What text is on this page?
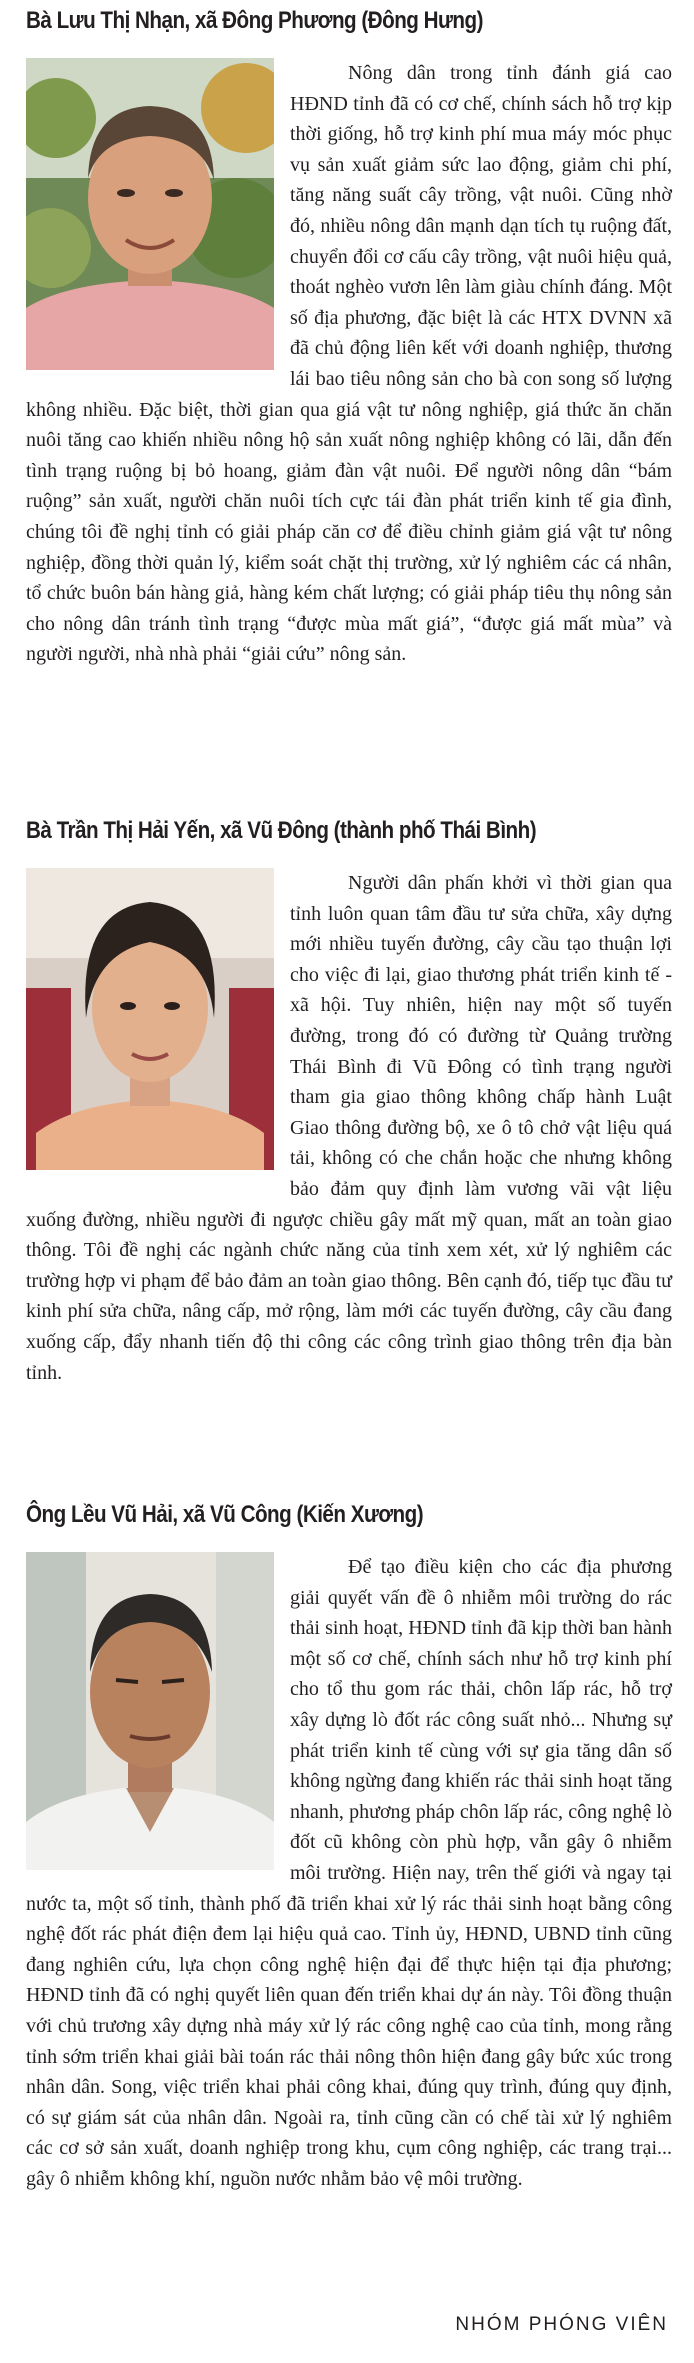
Bà Lưu Thị Nhạn, xã Đông Phương (Đông Hưng)

Nông dân trong tỉnh đánh giá cao HĐND tỉnh đã có cơ chế, chính sách hỗ trợ kịp thời giống, hỗ trợ kinh phí mua máy móc phục vụ sản xuất giảm sức lao động, giảm chi phí, tăng năng suất cây trồng, vật nuôi. Cũng nhờ đó, nhiều nông dân mạnh dạn tích tụ ruộng đất, chuyển đổi cơ cấu cây trồng, vật nuôi hiệu quả, thoát nghèo vươn lên làm giàu chính đáng. Một số địa phương, đặc biệt là các HTX DVNN xã đã chủ động liên kết với doanh nghiệp, thương lái bao tiêu nông sản cho bà con song số lượng không nhiều. Đặc biệt, thời gian qua giá vật tư nông nghiệp, giá thức ăn chăn nuôi tăng cao khiến nhiều nông hộ sản xuất nông nghiệp không có lãi, dẫn đến tình trạng ruộng bị bỏ hoang, giảm đàn vật nuôi. Để người nông dân “bám ruộng” sản xuất, người chăn nuôi tích cực tái đàn phát triển kinh tế gia đình, chúng tôi đề nghị tỉnh có giải pháp căn cơ để điều chỉnh giảm giá vật tư nông nghiệp, đồng thời quản lý, kiểm soát chặt thị trường, xử lý nghiêm các cá nhân, tổ chức buôn bán hàng giả, hàng kém chất lượng; có giải pháp tiêu thụ nông sản cho nông dân tránh tình trạng “được mùa mất giá”, “được giá mất mùa” và người người, nhà nhà phải “giải cứu” nông sản.

Bà Trần Thị Hải Yến, xã Vũ Đông (thành phố Thái Bình)

Người dân phấn khởi vì thời gian qua tỉnh luôn quan tâm đầu tư sửa chữa, xây dựng mới nhiều tuyến đường, cây cầu tạo thuận lợi cho việc đi lại, giao thương phát triển kinh tế - xã hội. Tuy nhiên, hiện nay một số tuyến đường, trong đó có đường từ Quảng trường Thái Bình đi Vũ Đông có tình trạng người tham gia giao thông không chấp hành Luật Giao thông đường bộ, xe ô tô chở vật liệu quá tải, không có che chắn hoặc che nhưng không bảo đảm quy định làm vương vãi vật liệu xuống đường, nhiều người đi ngược chiều gây mất mỹ quan, mất an toàn giao thông. Tôi đề nghị các ngành chức năng của tỉnh xem xét, xử lý nghiêm các trường hợp vi phạm để bảo đảm an toàn giao thông. Bên cạnh đó, tiếp tục đầu tư kinh phí sửa chữa, nâng cấp, mở rộng, làm mới các tuyến đường, cây cầu đang xuống cấp, đẩy nhanh tiến độ thi công các công trình giao thông trên địa bàn tỉnh.

Ông Lều Vũ Hải, xã Vũ Công (Kiến Xương)

Để tạo điều kiện cho các địa phương giải quyết vấn đề ô nhiễm môi trường do rác thải sinh hoạt, HĐND tỉnh đã kịp thời ban hành một số cơ chế, chính sách như hỗ trợ kinh phí cho tổ thu gom rác thải, chôn lấp rác, hỗ trợ xây dựng lò đốt rác công suất nhỏ... Nhưng sự phát triển kinh tế cùng với sự gia tăng dân số không ngừng đang khiến rác thải sinh hoạt tăng nhanh, phương pháp chôn lấp rác, công nghệ lò đốt cũ không còn phù hợp, vẫn gây ô nhiễm môi trường. Hiện nay, trên thế giới và ngay tại nước ta, một số tỉnh, thành phố đã triển khai xử lý rác thải sinh hoạt bằng công nghệ đốt rác phát điện đem lại hiệu quả cao. Tỉnh ủy, HĐND, UBND tỉnh cũng đang nghiên cứu, lựa chọn công nghệ hiện đại để thực hiện tại địa phương; HĐND tỉnh đã có nghị quyết liên quan đến triển khai dự án này. Tôi đồng thuận với chủ trương xây dựng nhà máy xử lý rác công nghệ cao của tỉnh, mong rằng tỉnh sớm triển khai giải bài toán rác thải nông thôn hiện đang gây bức xúc trong nhân dân. Song, việc triển khai phải công khai, đúng quy trình, đúng quy định, có sự giám sát của nhân dân. Ngoài ra, tỉnh cũng cần có chế tài xử lý nghiêm các cơ sở sản xuất, doanh nghiệp trong khu, cụm công nghiệp, các trang trại... gây ô nhiễm không khí, nguồn nước nhằm bảo vệ môi trường.

NHÓM PHÓNG VIÊN
